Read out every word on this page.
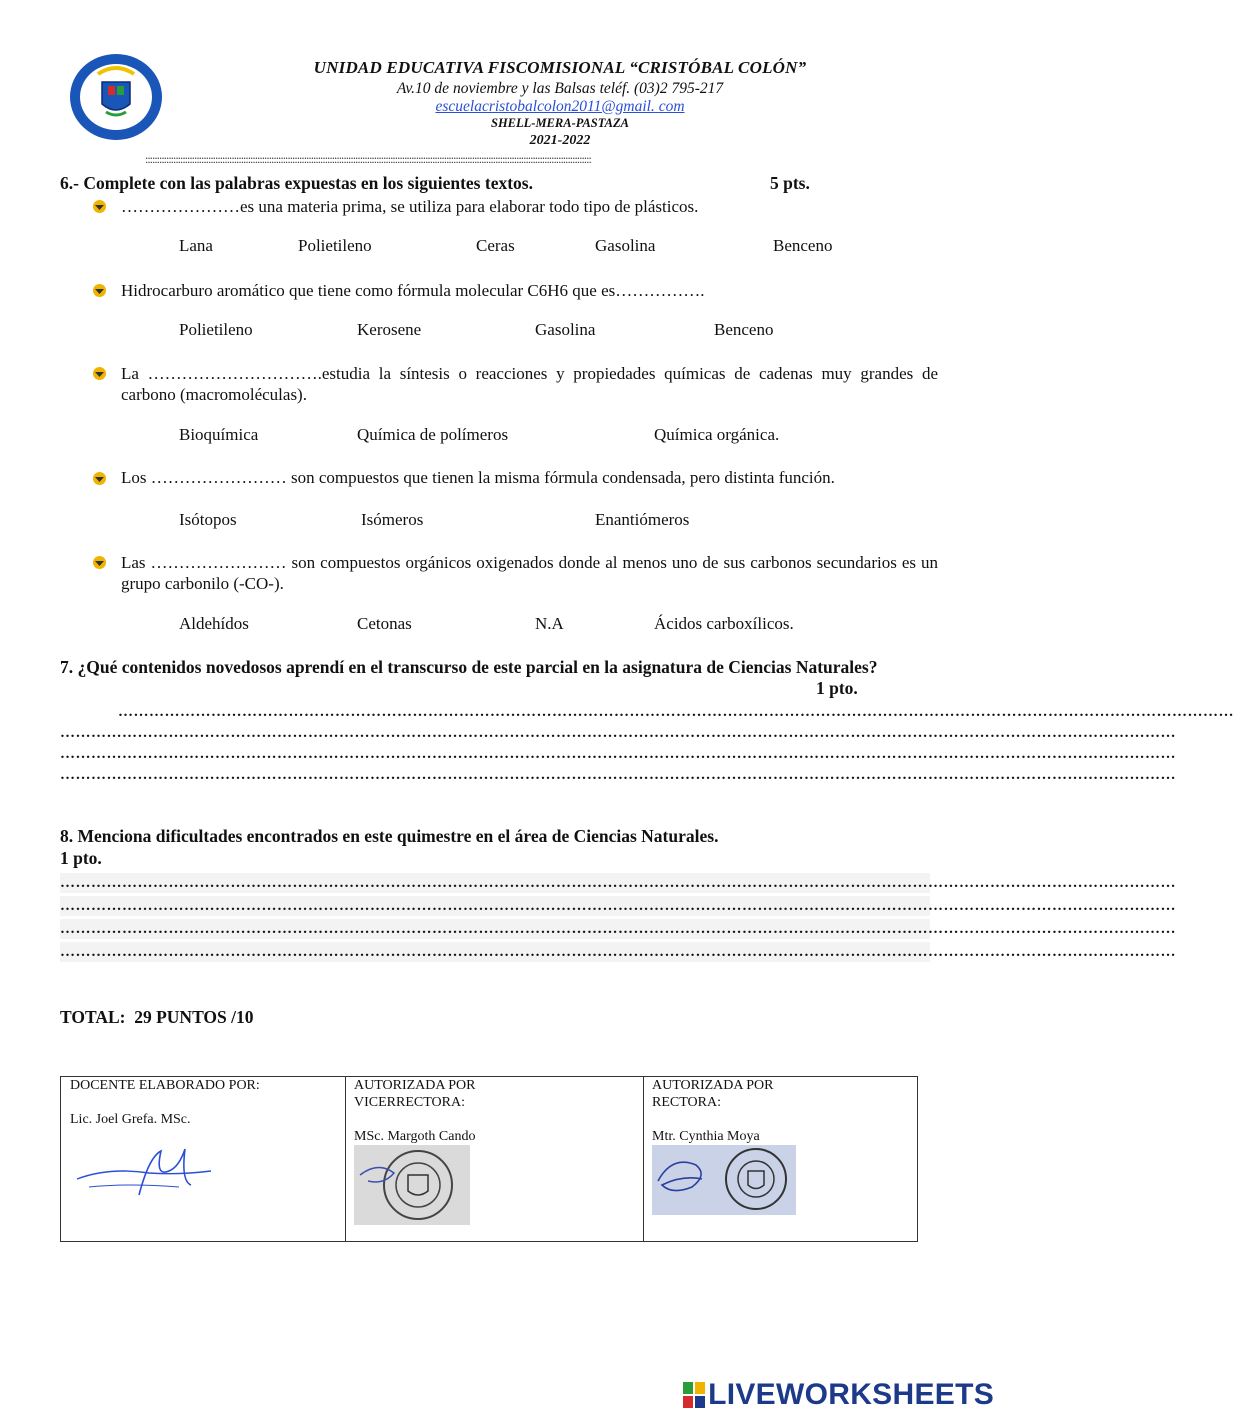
UNIDAD EDUCATIVA FISCOMISIONAL “CRISTÓBAL COLÓN”
Av.10 de noviembre y las Balsas teléf. (03)2 795-217
escuelacristobalcolon2011@gmail. com
SHELL-MERA-PASTAZA
2021-2022
:::::::::::::::::::::::::::::::::::::::::::::::::::::::::::::::::::::::::::::::::::::::::::::::::::::::::::::::::::::::::::::::::::::::::::::::::::::::::::::::::::::::::::::::::::::::::::::::
6.- Complete con las palabras expuestas en los siguientes textos.	5 pts.
…………………es una materia prima, se utiliza para elaborar todo tipo de plásticos.
Lana	Polietileno	Ceras	Gasolina	Benceno
Hidrocarburo aromático que tiene como fórmula molecular C6H6 que es…………….
Polietileno	Kerosene	Gasolina	Benceno
La ………………………….estudia la síntesis o reacciones y propiedades químicas de cadenas muy grandes de carbono (macromoléculas).
Bioquímica	Química de polímeros	Química orgánica.
Los …………………… son compuestos que tienen la misma fórmula condensada, pero distinta función.
Isótopos	Isómeros	Enantiómeros
Las …………………… son compuestos orgánicos oxigenados donde al menos uno de sus carbonos secundarios es un grupo carbonilo (-CO-).
Aldehídos	Cetonas	N.A	Ácidos carboxílicos.
7. ¿Qué contenidos novedosos aprendí en el transcurso de este parcial en la asignatura de Ciencias Naturales?
1 pto.
………………………………………………………………………………………………………………………………………………………………………………………………
………………………………………………………………………………………………………………………………………………………………………………………………
………………………………………………………………………………………………………………………………………………………………………………………………
………………………………………………………………………………………………………………………………………………………………………………………………
8. Menciona dificultades encontrados en este quimestre en el área de Ciencias Naturales.
1 pto.
………………………………………………………………………………………………………………………………………………………………………………………………
………………………………………………………………………………………………………………………………………………………………………………………………
………………………………………………………………………………………………………………………………………………………………………………………………
………………………………………………………………………………………………………………………………………………………………………………………………
TOTAL:  29 PUNTOS /10
DOCENTE ELABORADO POR:
Lic. Joel Grefa. MSc.

AUTORIZADA POR
VICERRECTORA:
MSc. Margoth Cando

AUTORIZADA POR
RECTORA:
Mtr. Cynthia Moya
LIVEWORKSHEETS
